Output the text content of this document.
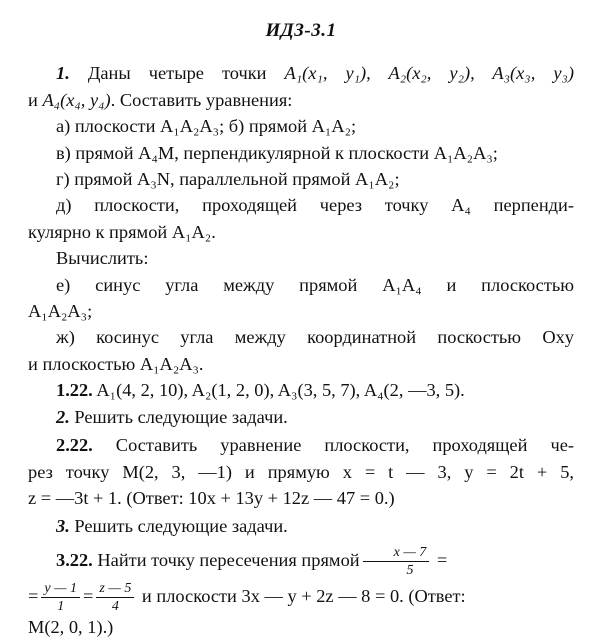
ИДЗ-3.1

1. Даны четыре точки A₁(x₁, y₁), A₂(x₂, y₂), A₃(x₃, y₃)

и A₄(x₄, y₄). Составить уравнения:

а) плоскости A₁A₂A₃; б) прямой A₁A₂;

в) прямой A₄M, перпендикулярной к плоскости A₁A₂A₃;

г) прямой A₃N, параллельной прямой A₁A₂;

д) плоскости, проходящей через точку A₄ перпенди-

кулярно к прямой A₁A₂.

Вычислить:

е) синус угла между прямой A₁A₄ и плоскостью

A₁A₂A₃;

ж) косинус угла между координатной поскостью Oxy

и плоскостью A₁A₂A₃.

1.22. A₁(4, 2, 10), A₂(1, 2, 0), A₃(3, 5, 7), A₄(2, —3, 5).

2. Решить следующие задачи.

2.22. Составить уравнение плоскости, проходящей че-

рез точку M(2, 3, —1) и прямую x = t — 3, y = 2t + 5,

z = —3t + 1. (Ответ: 10x + 13y + 12z — 47 = 0.)

3. Решить следующие задачи.

3.22. Найти точку пересечения прямой $\frac{x — 7}{5}$ =

= $\frac{y — 1}{1} = \frac{z — 5}{4}$ и плоскости 3x — y + 2z — 8 = 0. (Ответ:

M(2, 0, 1).)
